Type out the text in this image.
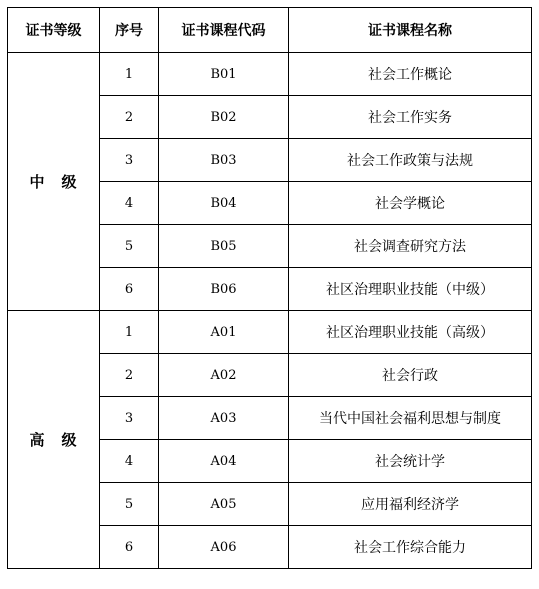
证书等级	序号	证书课程代码	证书课程名称
中　级	1	B01	社会工作概论
	2	B02	社会工作实务
	3	B03	社会工作政策与法规
	4	B04	社会学概论
	5	B05	社会调查研究方法
	6	B06	社区治理职业技能（中级）
高　级	1	A01	社区治理职业技能（高级）
	2	A02	社会行政
	3	A03	当代中国社会福利思想与制度
	4	A04	社会统计学
	5	A05	应用福利经济学
	6	A06	社会工作综合能力
